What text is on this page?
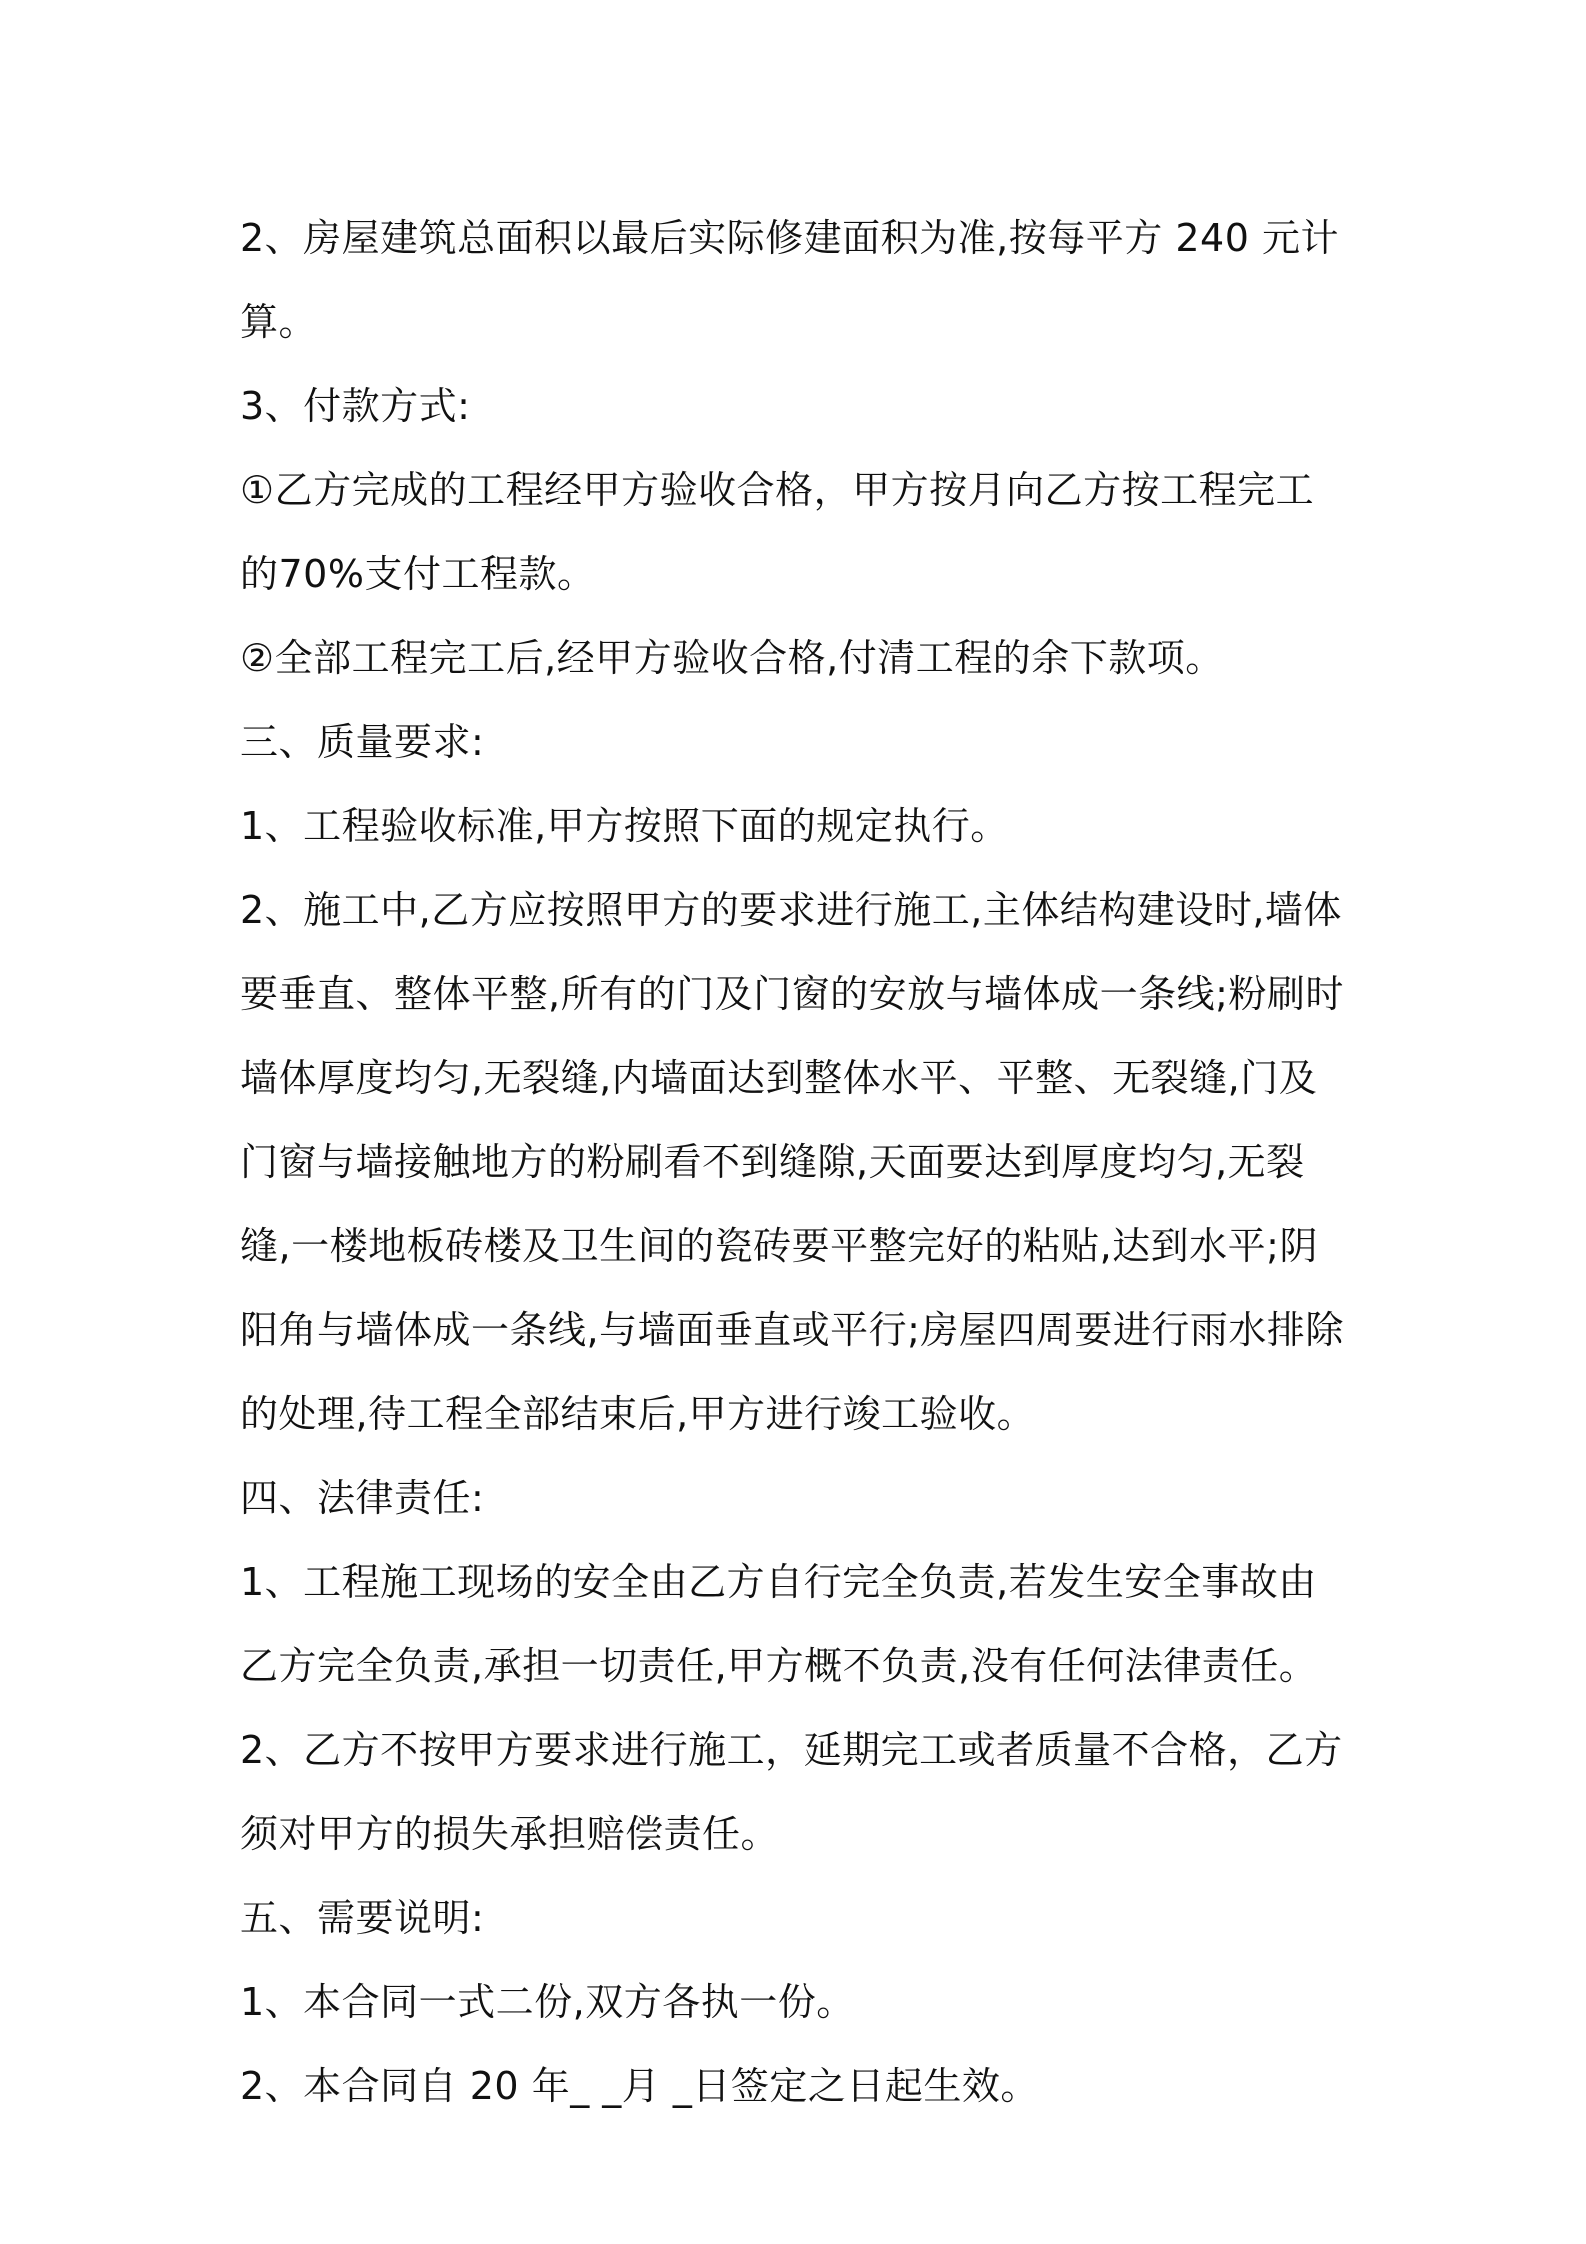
2、房屋建筑总面积以最后实际修建面积为准,按每平方 240 元计算。

3、付款方式:

①乙方完成的工程经甲方验收合格，甲方按月向乙方按工程完工的70%支付工程款。

②全部工程完工后,经甲方验收合格,付清工程的余下款项。

三、质量要求:

1、工程验收标准,甲方按照下面的规定执行。

2、施工中,乙方应按照甲方的要求进行施工,主体结构建设时,墙体要垂直、整体平整,所有的门及门窗的安放与墙体成一条线;粉刷时墙体厚度均匀,无裂缝,内墙面达到整体水平、平整、无裂缝,门及门窗与墙接触地方的粉刷看不到缝隙,天面要达到厚度均匀,无裂缝,一楼地板砖楼及卫生间的瓷砖要平整完好的粘贴,达到水平;阴阳角与墙体成一条线,与墙面垂直或平行;房屋四周要进行雨水排除的处理,待工程全部结束后,甲方进行竣工验收。

四、法律责任:

1、工程施工现场的安全由乙方自行完全负责,若发生安全事故由乙方完全负责,承担一切责任,甲方概不负责,没有任何法律责任。

2、乙方不按甲方要求进行施工，延期完工或者质量不合格，乙方须对甲方的损失承担赔偿责任。

五、需要说明:

1、本合同一式二份,双方各执一份。

2、本合同自 20 年_ _月 _日签定之日起生效。
